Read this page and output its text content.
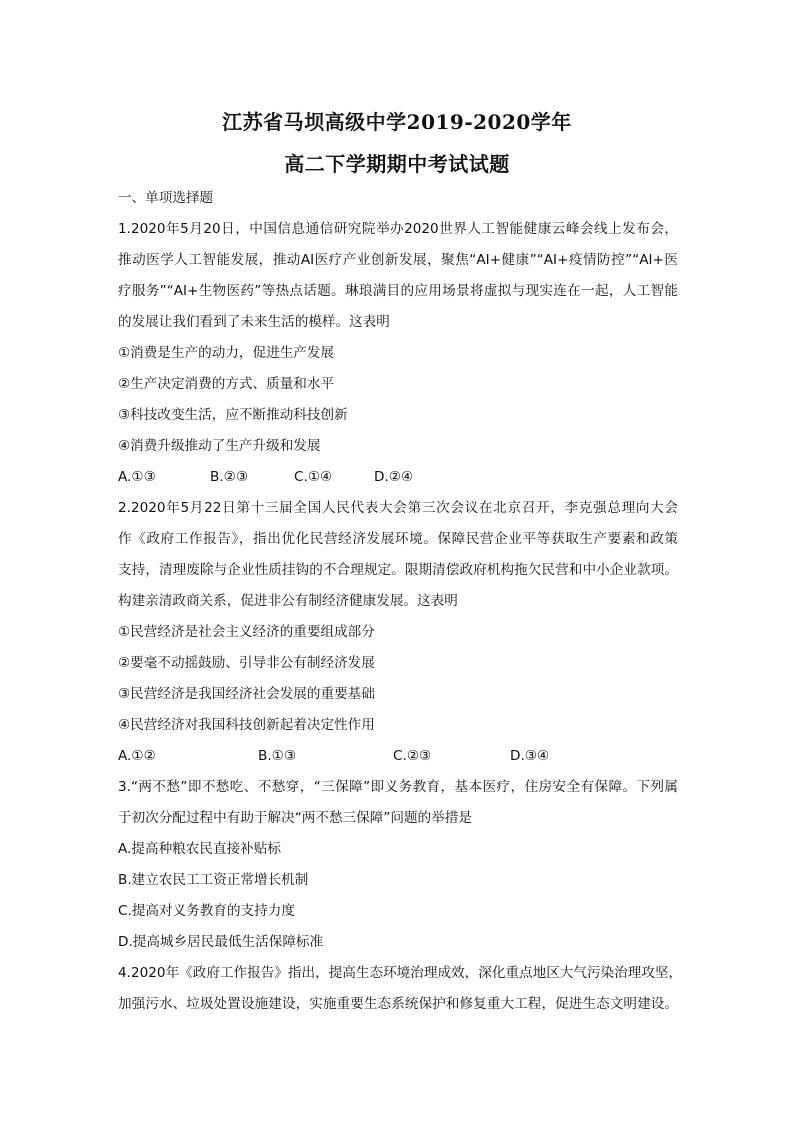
江苏省马坝高级中学2019-2020学年
高二下学期期中考试试题
一、单项选择题
1.2020年5月20日，中国信息通信研究院举办2020世界人工智能健康云峰会线上发布会，
推动医学人工智能发展，推动AI医疗产业创新发展，聚焦“AI+健康”“AI+疫情防控”“AI+医
疗服务”“AI+生物医药”等热点话题。琳琅满目的应用场景将虚拟与现实连在一起，人工智能
的发展让我们看到了未来生活的模样。这表明
①消费是生产的动力，促进生产发展
②生产决定消费的方式、质量和水平
③科技改变生活，应不断推动科技创新
④消费升级推动了生产升级和发展
A.①③	B.②③	C.①④	D.②④
2.2020年5月22日第十三届全国人民代表大会第三次会议在北京召开，李克强总理向大会
作《政府工作报告》，指出优化民营经济发展环境。保障民营企业平等获取生产要素和政策
支持，清理废除与企业性质挂钩的不合理规定。限期清偿政府机构拖欠民营和中小企业款项。
构建亲清政商关系，促进非公有制经济健康发展。这表明
①民营经济是社会主义经济的重要组成部分
②要毫不动摇鼓励、引导非公有制经济发展
③民营经济是我国经济社会发展的重要基础
④民营经济对我国科技创新起着决定性作用
A.①②	B.①③	C.②③	D.③④
3.“两不愁”即不愁吃、不愁穿，“三保障”即义务教育，基本医疗，住房安全有保障。下列属
于初次分配过程中有助于解决“两不愁三保障”问题的举措是
A.提高种粮农民直接补贴标
B.建立农民工工资正常增长机制
C.提高对义务教育的支持力度
D.提高城乡居民最低生活保障标准
4.2020年《政府工作报告》指出，提高生态环境治理成效，深化重点地区大气污染治理攻坚，
加强污水、垃圾处置设施建设，实施重要生态系统保护和修复重大工程，促进生态文明建设。
